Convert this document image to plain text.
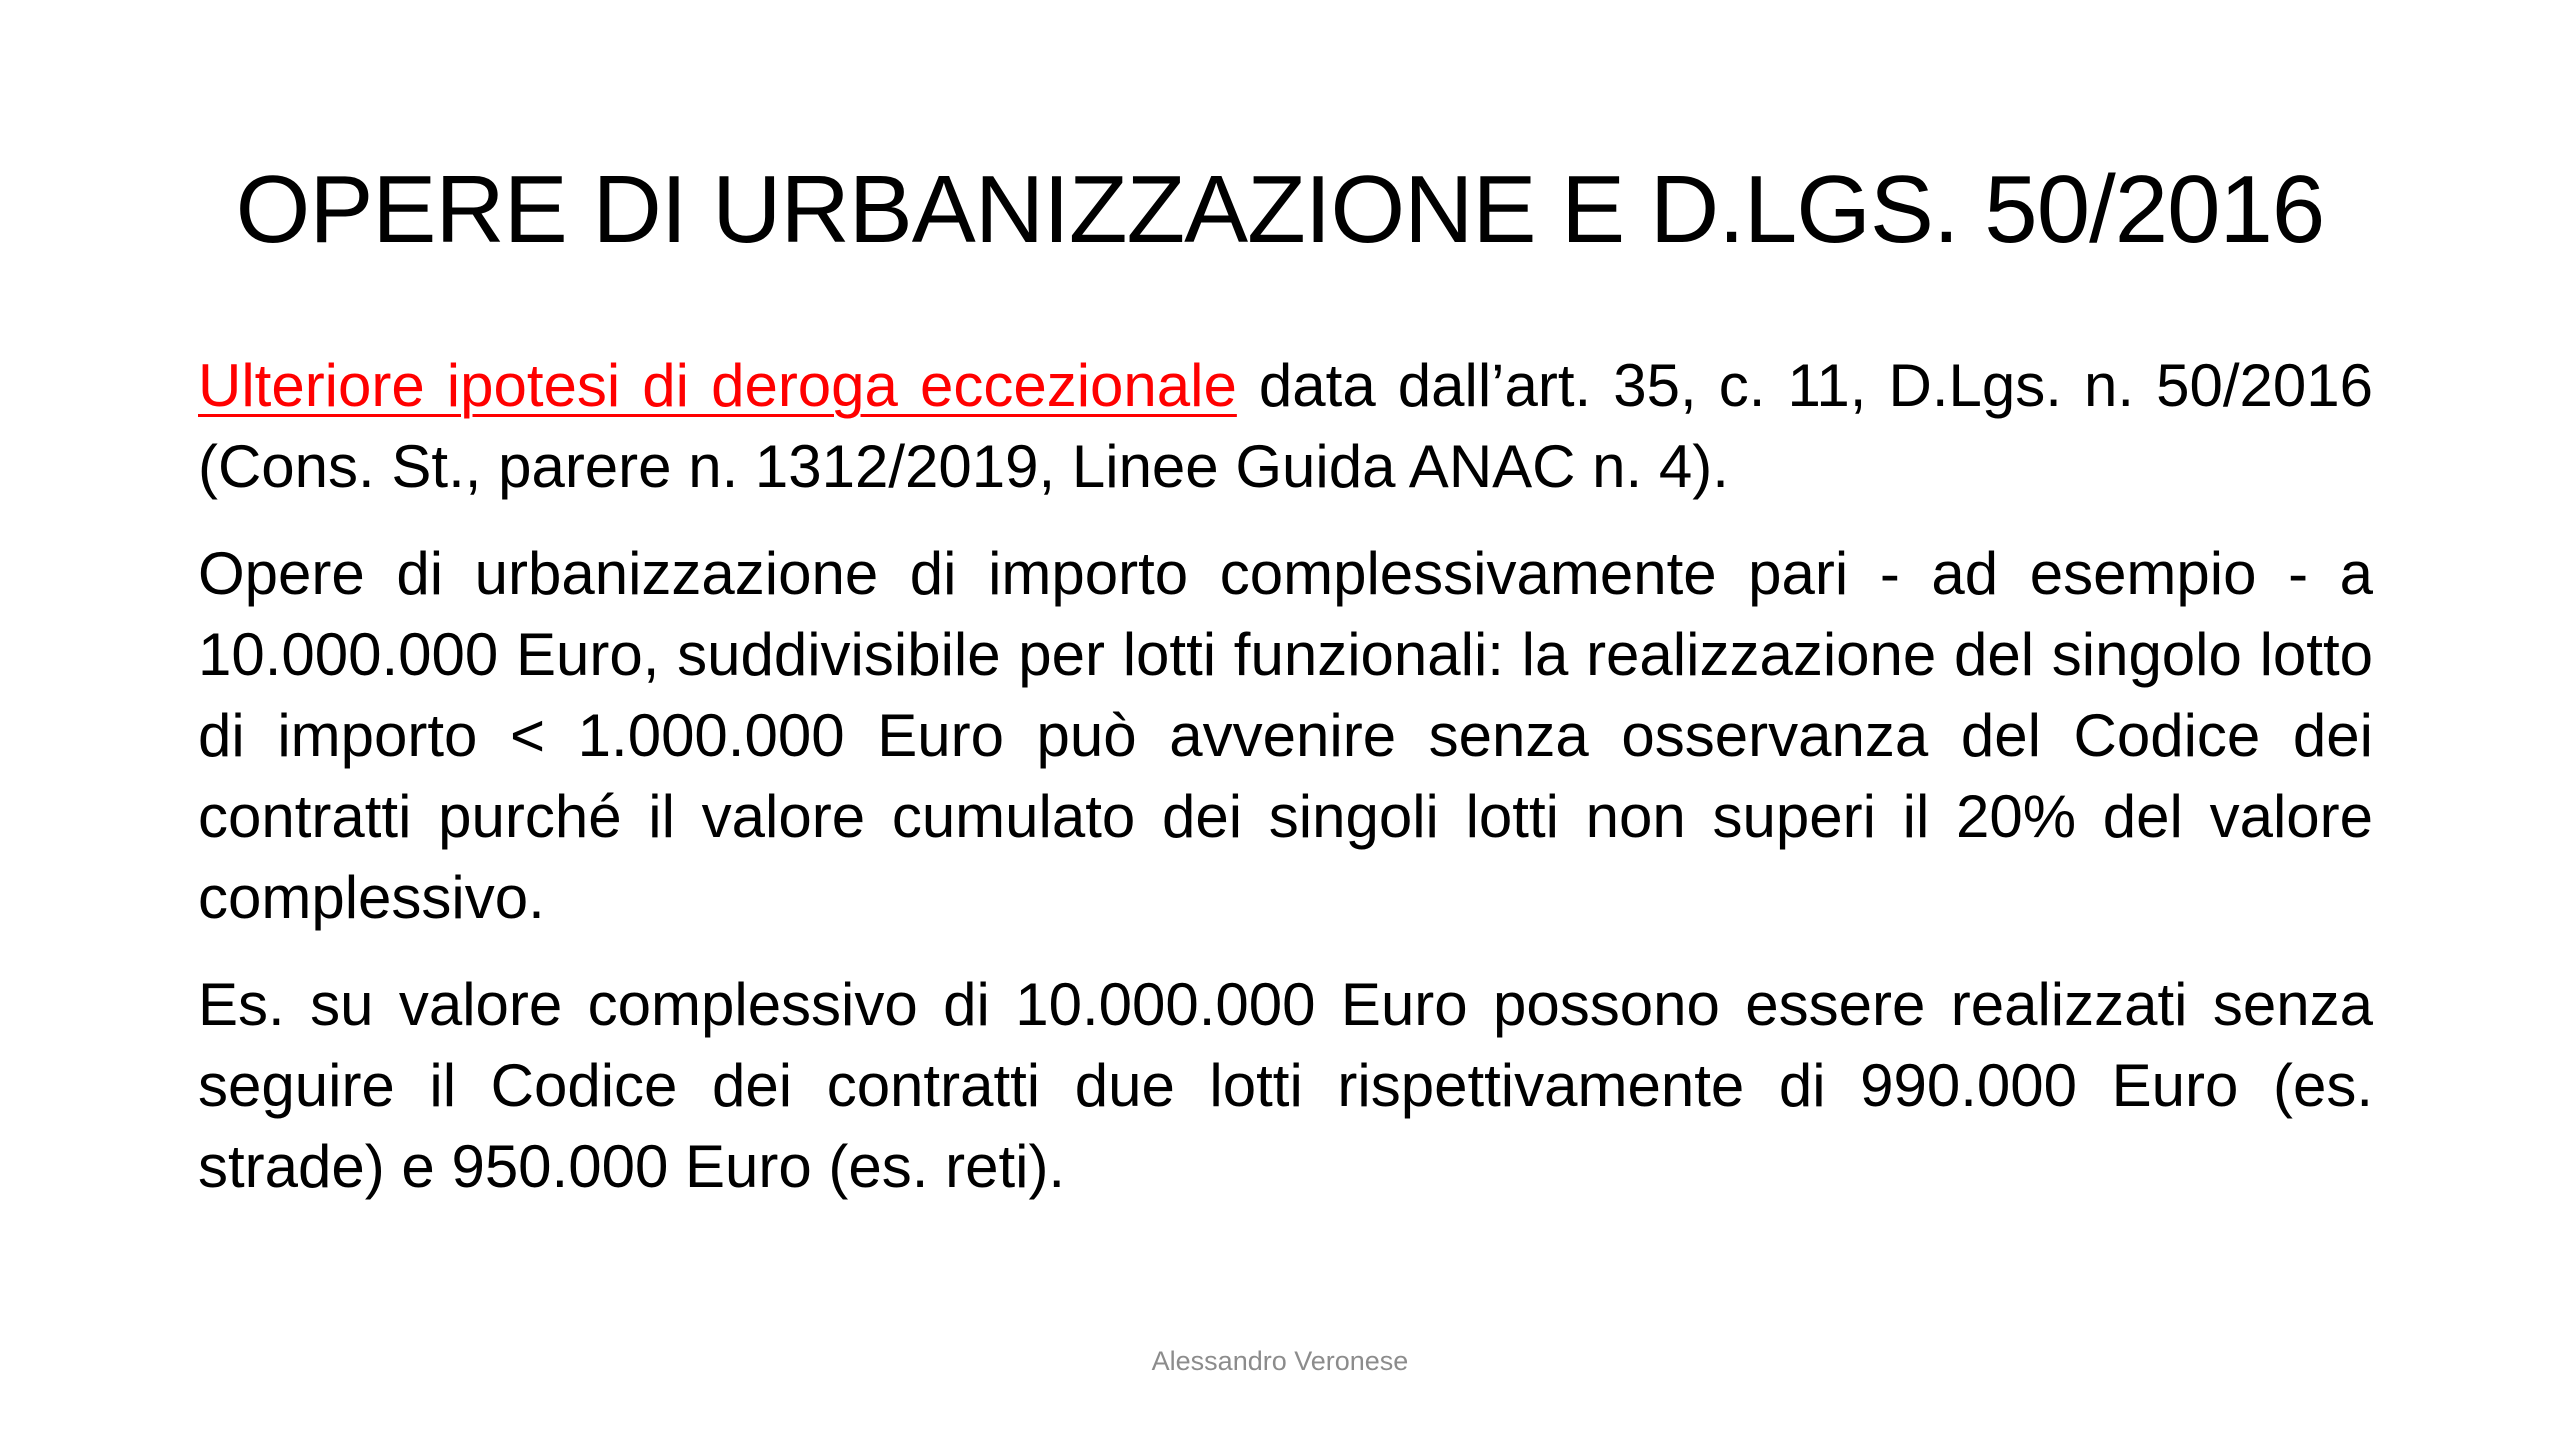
OPERE DI URBANIZZAZIONE E D.LGS. 50/2016

Ulteriore ipotesi di deroga eccezionale data dall’art. 35, c. 11, D.Lgs. n. 50/2016 (Cons. St., parere n. 1312/2019, Linee Guida ANAC n. 4).

Opere di urbanizzazione di importo complessivamente pari - ad esempio - a 10.000.000 Euro, suddivisibile per lotti funzionali: la realizzazione del singolo lotto di importo < 1.000.000 Euro può avvenire senza osservanza del Codice dei contratti purché il valore cumulato dei singoli lotti non superi il 20% del valore complessivo.

Es. su valore complessivo di 10.000.000 Euro possono essere realizzati senza seguire il Codice dei contratti due lotti rispettivamente di 990.000 Euro (es. strade) e 950.000 Euro (es. reti).

Alessandro Veronese
